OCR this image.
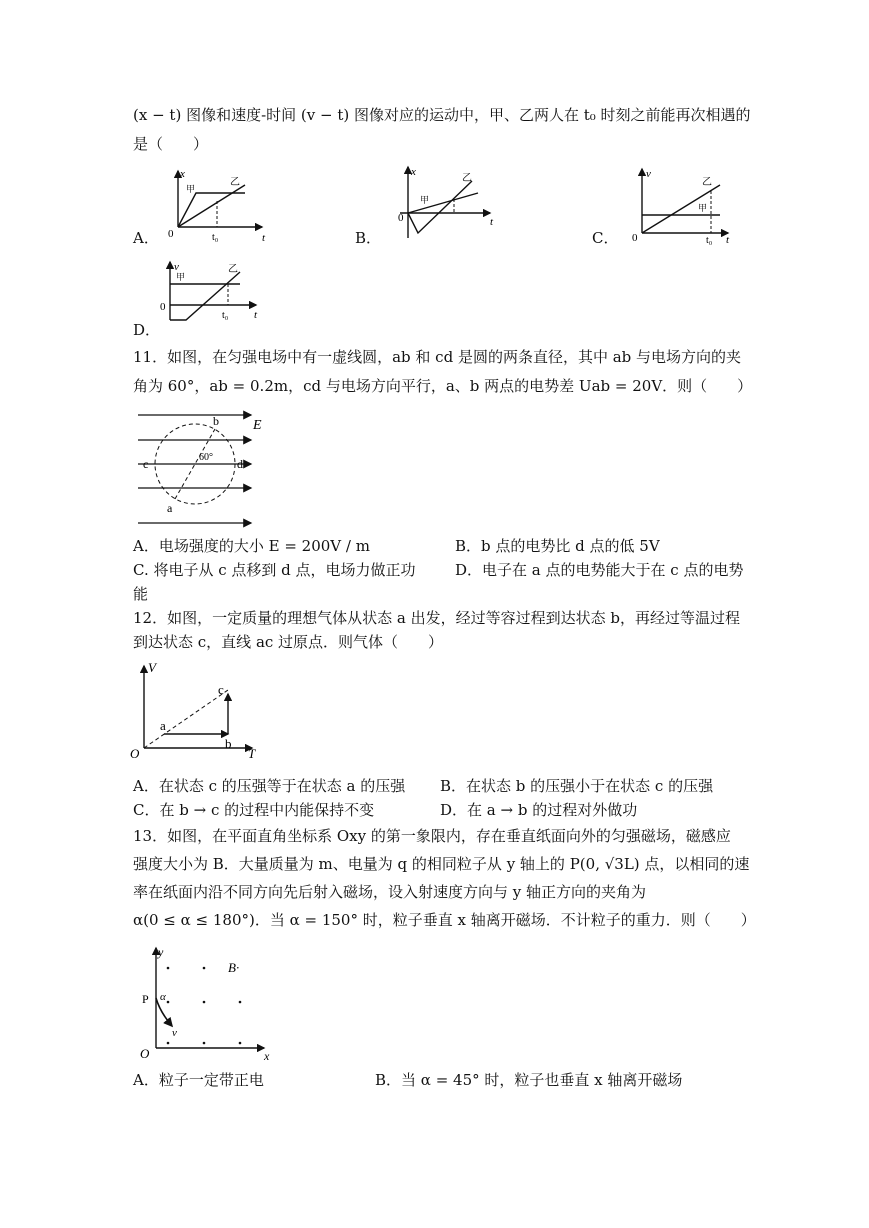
(x − t) 图像和速度-时间 (v − t) 图像对应的运动中，甲、乙两人在 t₀ 时刻之前能再次相遇的
是（　　）
A．
x
t
0	t₀
甲
乙
B．
x
t
0
甲
乙
C．
v
t
0	t₀
甲
乙
v
t
0
t₀
甲
乙
D．
11．如图，在匀强电场中有一虚线圆，ab 和 cd 是圆的两条直径，其中 ab 与电场方向的夹
角为 60°，ab = 0.2m，cd 与电场方向平行，a、b 两点的电势差 Uab = 20V．则（　　）
E
b
a
c	d
60°
A．电场强度的大小 E = 200V / m	B．b 点的电势比 d 点的低 5V
C. 将电子从 c 点移到 d 点，电场力做正功	D．电子在 a 点的电势能大于在 c 点的电势
能
12．如图，一定质量的理想气体从状态 a 出发，经过等容过程到达状态 b，再经过等温过程
到达状态 c，直线 ac 过原点．则气体（　　）
V
T
O
a
b
c
A．在状态 c 的压强等于在状态 a 的压强 B．在状态 b 的压强小于在状态 c 的压强
C．在 b → c 的过程中内能保持不变	D．在 a → b 的过程对外做功
13．如图，在平面直角坐标系 Oxy 的第一象限内，存在垂直纸面向外的匀强磁场，磁感应
强度大小为 B．大量质量为 m、电量为 q 的相同粒子从 y 轴上的 P(0, √3L) 点，以相同的速
率在纸面内沿不同方向先后射入磁场，设入射速度方向与 y 轴正方向的夹角为
α(0 ≤ α ≤ 180°)．当 α = 150° 时，粒子垂直 x 轴离开磁场．不计粒子的重力．则（　　）
y
x
O
P α
v
B·
A．粒子一定带正电	B．当 α = 45° 时，粒子也垂直 x 轴离开磁场
